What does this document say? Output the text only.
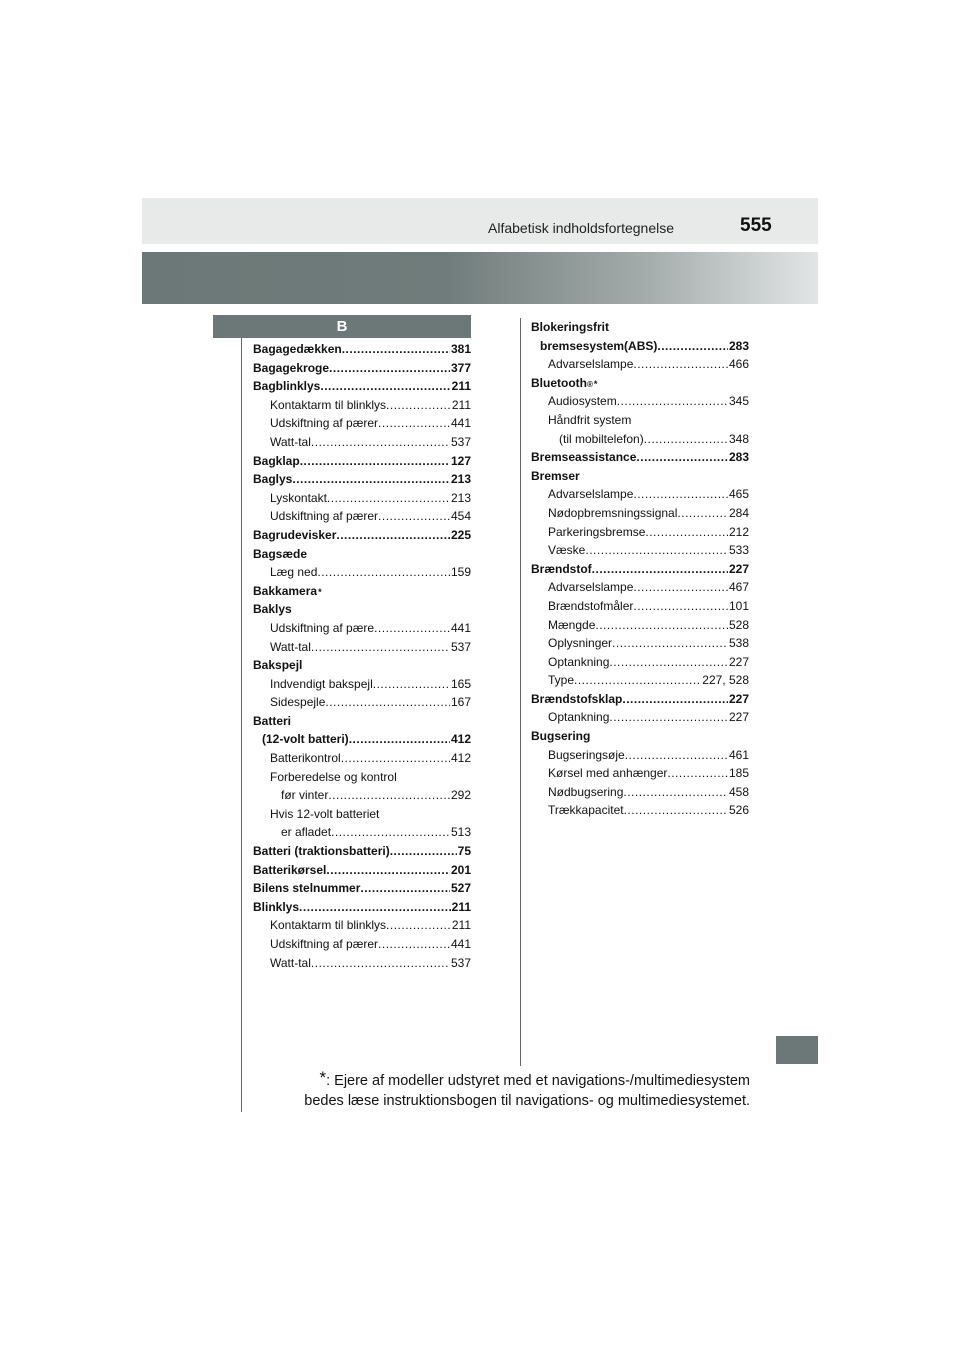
Alfabetisk indholdsfortegnelse	555
B
Bagagedækken .....	381
Bagagekroge .....	377
Bagblinklys .....	211
Kontaktarm til blinklys .....	211
Udskiftning af pærer .....	441
Watt-tal .....	537
Bagklap .....	127
Baglys .....	213
Lyskontakt .....	213
Udskiftning af pærer .....	454
Bagrudevisker .....	225
Bagsæde
Læg ned .....	159
Bakkamera *
Baklys
Udskiftning af pære .....	441
Watt-tal .....	537
Bakspejl
Indvendigt bakspejl .....	165
Sidespejle .....	167
Batteri
(12-volt batteri) .....	412
Batterikontrol .....	412
Forberedelse og kontrol
før vinter .....	292
Hvis 12-volt batteriet
er afladet .....	513
Batteri (traktionsbatteri) .....	75
Batterikørsel .....	201
Bilens stelnummer .....	527
Blinklys .....	211
Kontaktarm til blinklys .....	211
Udskiftning af pærer .....	441
Watt-tal .....	537
Blokeringsfrit
bremsesystem(ABS) .....	283
Advarselslampe .....	466
Bluetooth ® *
Audiosystem .....	345
Håndfrit system
(til mobiltelefon) .....	348
Bremseassistance .....	283
Bremser
Advarselslampe .....	465
Nødopbremsningssignal .....	284
Parkeringsbremse .....	212
Væske .....	533
Brændstof .....	227
Advarselslampe .....	467
Brændstofmåler .....	101
Mængde .....	528
Oplysninger .....	538
Optankning .....	227
Type .....	227, 528
Brændstofsklap .....	227
Optankning .....	227
Bugsering
Bugseringsøje .....	461
Kørsel med anhænger .....	185
Nødbugsering .....	458
Trækkapacitet .....	526
*: Ejere af modeller udstyret med et navigations-/multimediesystem
bedes læse instruktionsbogen til navigations- og multimediesystemet.
